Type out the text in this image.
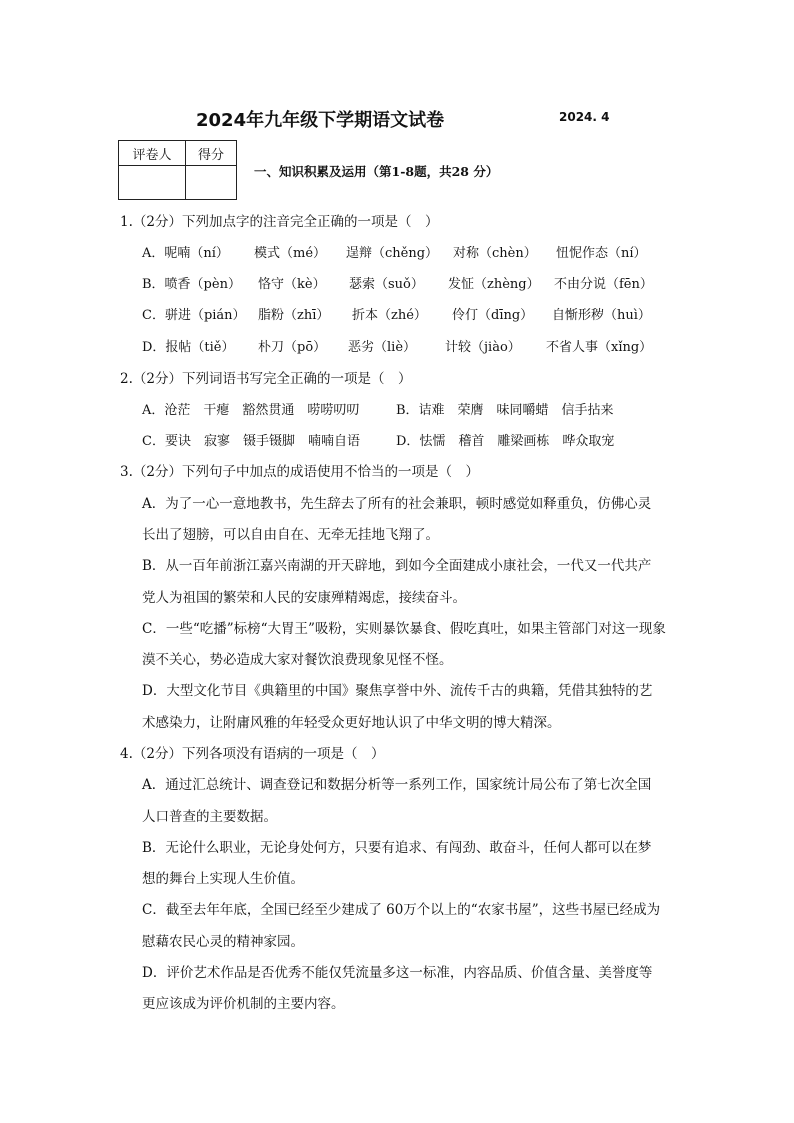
2024年九年级下学期语文试卷	2024. 4
评卷人	得分

一、知识积累及运用（第1-8题，共28 分）
1.（2分）下列加点字的注音完全正确的一项是（　）
A．呢喃（ní） 模式（mé） 逞辩（chěng） 对称（chèn） 忸怩作态（ní）
B．喷香（pèn） 恪守（kè） 瑟索（suǒ） 发怔（zhèng） 不由分说（fēn）
C．骈进（pián） 脂粉（zhī） 折本（zhé） 伶仃（dīng） 自惭形秽（huì）
D．报帖（tiě） 朴刀（pō） 恶劣（liè） 计较（jiào） 不省人事（xǐng）
2.（2分）下列词语书写完全正确的一项是（　）
A．沧茫　干瘪　豁然贯通　唠唠叨叨	B．诘难　荣膺　味同嚼蜡　信手拈来
C．要诀　寂寥　镊手镊脚　喃喃自语	D．怯懦　稽首　雕梁画栋　哗众取宠
3.（2分）下列句子中加点的成语使用不恰当的一项是（　）
A．为了一心一意地教书，先生辞去了所有的社会兼职，顿时感觉如释重负，仿佛心灵
长出了翅膀，可以自由自在、无牵无挂地飞翔了。
B．从一百年前浙江嘉兴南湖的开天辟地，到如今全面建成小康社会，一代又一代共产
党人为祖国的繁荣和人民的安康殚精竭虑，接续奋斗。
C．一些“吃播”标榜“大胃王”吸粉，实则暴饮暴食、假吃真吐，如果主管部门对这一现象
漠不关心，势必造成大家对餐饮浪费现象见怪不怪。
D．大型文化节目《典籍里的中国》聚焦享誉中外、流传千古的典籍，凭借其独特的艺
术感染力，让附庸风雅的年轻受众更好地认识了中华文明的博大精深。
4.（2分）下列各项没有语病的一项是（　）
A．通过汇总统计、调查登记和数据分析等一系列工作，国家统计局公布了第七次全国
人口普查的主要数据。
B．无论什么职业，无论身处何方，只要有追求、有闯劲、敢奋斗，任何人都可以在梦
想的舞台上实现人生价值。
C．截至去年年底，全国已经至少建成了 60万个以上的“农家书屋”，这些书屋已经成为
慰藉农民心灵的精神家园。
D．评价艺术作品是否优秀不能仅凭流量多这一标准，内容品质、价值含量、美誉度等
更应该成为评价机制的主要内容。
